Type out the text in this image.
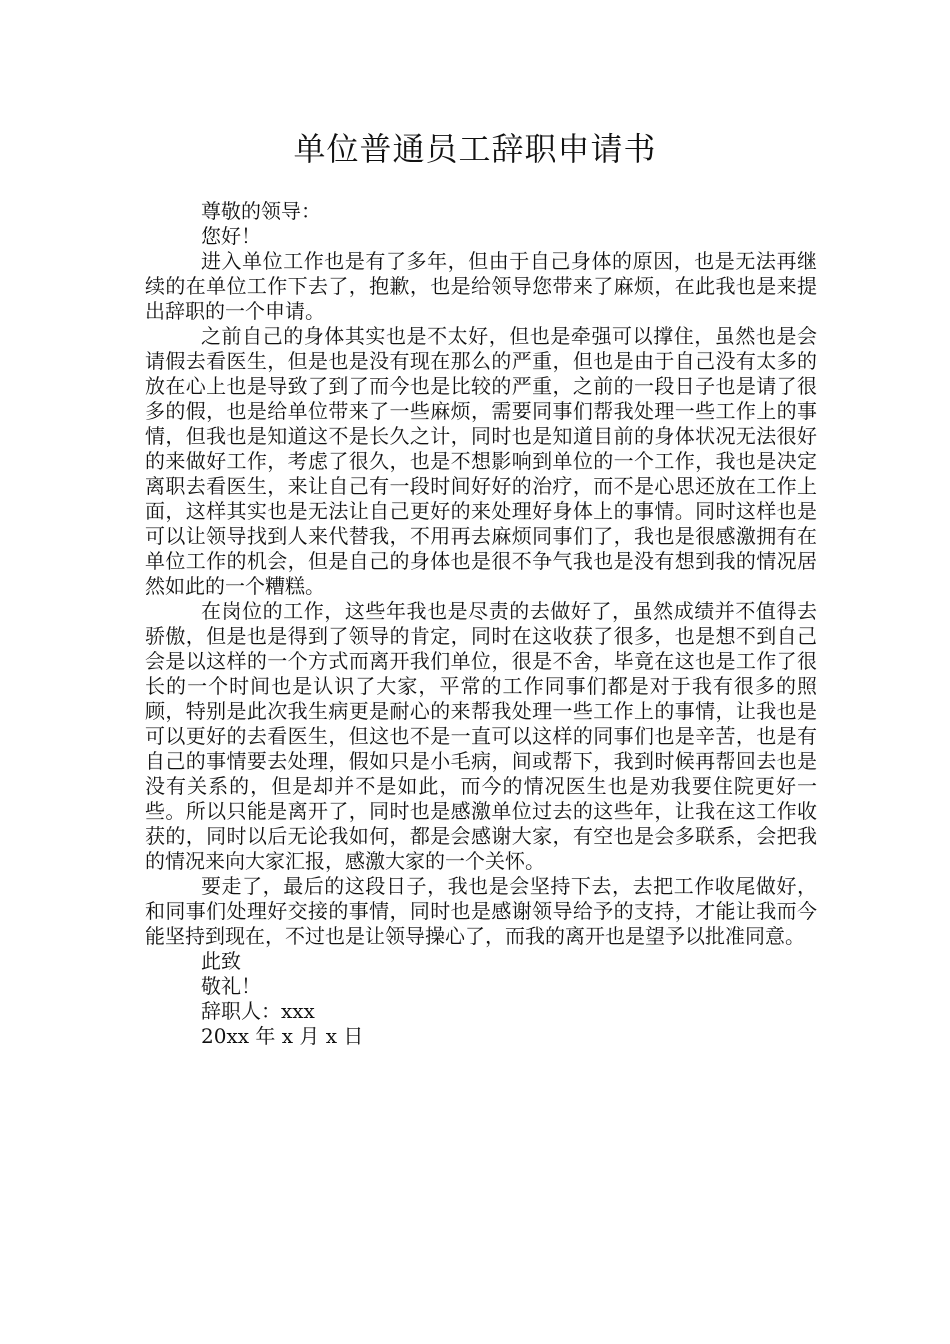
单位普通员工辞职申请书

尊敬的领导：

您好！

进入单位工作也是有了多年，但由于自己身体的原因，也是无法再继续的在单位工作下去了，抱歉，也是给领导您带来了麻烦，在此我也是来提出辞职的一个申请。

之前自己的身体其实也是不太好，但也是牵强可以撑住，虽然也是会请假去看医生，但是也是没有现在那么的严重，但也是由于自己没有太多的放在心上也是导致了到了而今也是比较的严重，之前的一段日子也是请了很多的假，也是给单位带来了一些麻烦，需要同事们帮我处理一些工作上的事情，但我也是知道这不是长久之计，同时也是知道目前的身体状况无法很好的来做好工作，考虑了很久，也是不想影响到单位的一个工作，我也是决定离职去看医生，来让自己有一段时间好好的治疗，而不是心思还放在工作上面，这样其实也是无法让自己更好的来处理好身体上的事情。同时这样也是可以让领导找到人来代替我，不用再去麻烦同事们了，我也是很感激拥有在单位工作的机会，但是自己的身体也是很不争气我也是没有想到我的情况居然如此的一个糟糕。

在岗位的工作，这些年我也是尽责的去做好了，虽然成绩并不值得去骄傲，但是也是得到了领导的肯定，同时在这收获了很多，也是想不到自己会是以这样的一个方式而离开我们单位，很是不舍，毕竟在这也是工作了很长的一个时间也是认识了大家，平常的工作同事们都是对于我有很多的照顾，特别是此次我生病更是耐心的来帮我处理一些工作上的事情，让我也是可以更好的去看医生，但这也不是一直可以这样的同事们也是辛苦，也是有自己的事情要去处理，假如只是小毛病，间或帮下，我到时候再帮回去也是没有关系的，但是却并不是如此，而今的情况医生也是劝我要住院更好一些。所以只能是离开了，同时也是感激单位过去的这些年，让我在这工作收获的，同时以后无论我如何，都是会感谢大家，有空也是会多联系，会把我的情况来向大家汇报，感激大家的一个关怀。

要走了，最后的这段日子，我也是会坚持下去，去把工作收尾做好，和同事们处理好交接的事情，同时也是感谢领导给予的支持，才能让我而今能坚持到现在，不过也是让领导操心了，而我的离开也是望予以批准同意。

此致

敬礼！

辞职人：xxx

20xx 年 x 月 x 日
